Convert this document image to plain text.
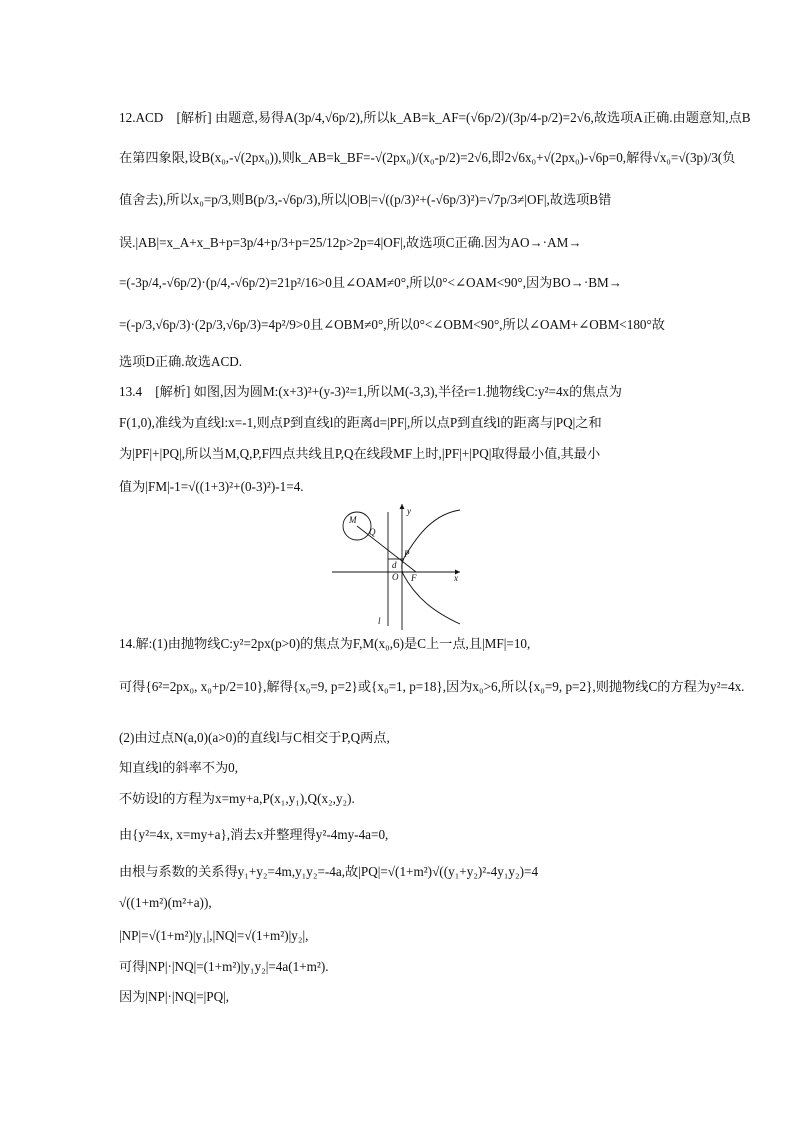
12.ACD　[解析] 由题意,易得A(3p/4,√6p/2),所以k_AB=k_AF=(√6p/2)/(3p/4-p/2)=2√6,故选项A正确.由题意知,点B
在第四象限,设B(x₀,-√(2px₀)),则k_AB=k_BF=-√(2px₀)/(x₀-p/2)=2√6,即2√6x₀+√(2px₀)-√6p=0,解得√x₀=√(3p)/3(负
值舍去),所以x₀=p/3,则B(p/3,-√6p/3),所以|OB|=√((p/3)²+(-√6p/3)²)=√7p/3≠|OF|,故选项B错
误.|AB|=x_A+x_B+p=3p/4+p/3+p=25/12p>2p=4|OF|,故选项C正确.因为AO→·AM→
=(-3p/4,-√6p/2)·(p/4,-√6p/2)=21p²/16>0且∠OAM≠0°,所以0°<∠OAM<90°,因为BO→·BM→
=(-p/3,√6p/3)·(2p/3,√6p/3)=4p²/9>0且∠OBM≠0°,所以0°<∠OBM<90°,所以∠OAM+∠OBM<180°故
选项D正确.故选ACD.
13.4　[解析] 如图,因为圆M:(x+3)²+(y-3)²=1,所以M(-3,3),半径r=1.抛物线C:y²=4x的焦点为
F(1,0),准线为直线l:x=-1,则点P到直线l的距离d=|PF|,所以点P到直线l的距离与|PQ|之和
为|PF|+|PQ|,所以当M,Q,P,F四点共线且P,Q在线段MF上时,|PF|+|PQ|取得最小值,其最小
值为|FM|-1=√((1+3)²+(0-3)²)-1=4.
M
Q
P
d
O F	x
y
l
14.解:(1)由抛物线C:y²=2px(p>0)的焦点为F,M(x₀,6)是C上一点,且|MF|=10,
可得{6²=2px₀, x₀+p/2=10},解得{x₀=9, p=2}或{x₀=1, p=18},因为x₀>6,所以{x₀=9, p=2},则抛物线C的方程为y²=4x.
(2)由过点N(a,0)(a>0)的直线l与C相交于P,Q两点,
知直线l的斜率不为0,
不妨设l的方程为x=my+a,P(x₁,y₁),Q(x₂,y₂).
由{y²=4x, x=my+a},消去x并整理得y²-4my-4a=0,
由根与系数的关系得y₁+y₂=4m,y₁y₂=-4a,故|PQ|=√(1+m²)√((y₁+y₂)²-4y₁y₂)=4
√((1+m²)(m²+a)),
|NP|=√(1+m²)|y₁|,|NQ|=√(1+m²)|y₂|,
可得|NP|·|NQ|=(1+m²)|y₁y₂|=4a(1+m²).
因为|NP|·|NQ|=|PQ|,
